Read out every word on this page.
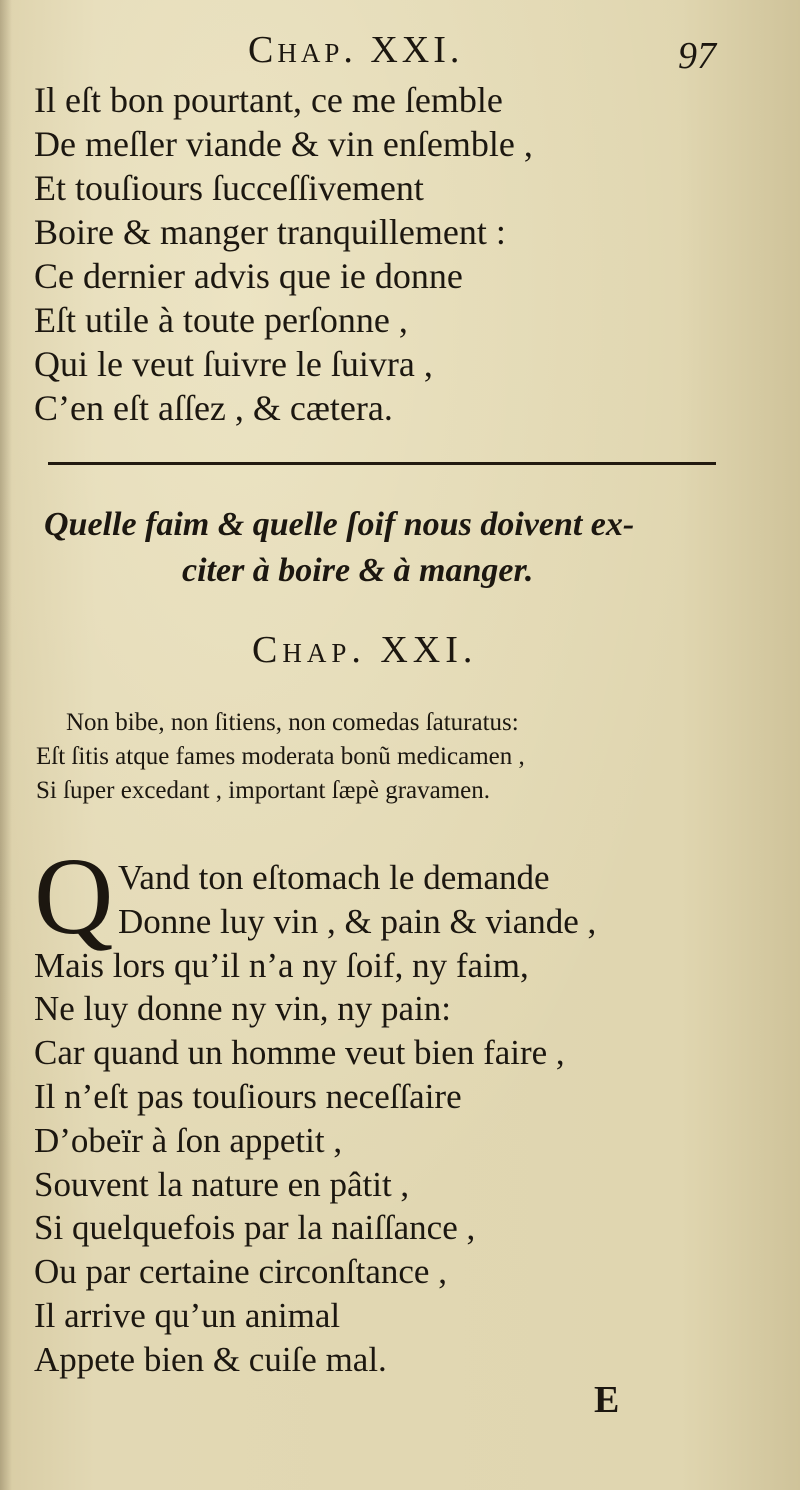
Chap. XXI.	97
Il eſt bon pourtant, ce me ſemble
De meſler viande & vin enſemble ,
Et touſiours ſucceſſivement
Boire & manger tranquillement :
Ce dernier advis que ie donne
Eſt utile à toute perſonne ,
Qui le veut ſuivre le ſuivra ,
C’en eſt aſſez , & cætera.
Quelle faim & quelle ſoif nous doivent ex-
citer à boire & à manger.
Chap. XXI.
Non bibe, non ſitiens, non comedas ſaturatus:
Eſt ſitis atque fames moderata bonũ medicamen ,
Si ſuper excedant , important ſæpè gravamen.
Q Vand ton eſtomach le demande
Donne luy vin , & pain & viande ,
Mais lors qu’il n’a ny ſoif, ny faim,
Ne luy donne ny vin, ny pain:
Car quand un homme veut bien faire ,
Il n’eſt pas touſiours neceſſaire
D’obeïr à ſon appetit ,
Souvent la nature en pâtit ,
Si quelquefois par la naiſſance ,
Ou par certaine circonſtance ,
Il arrive qu’un animal
Appete bien & cuiſe mal.
E
